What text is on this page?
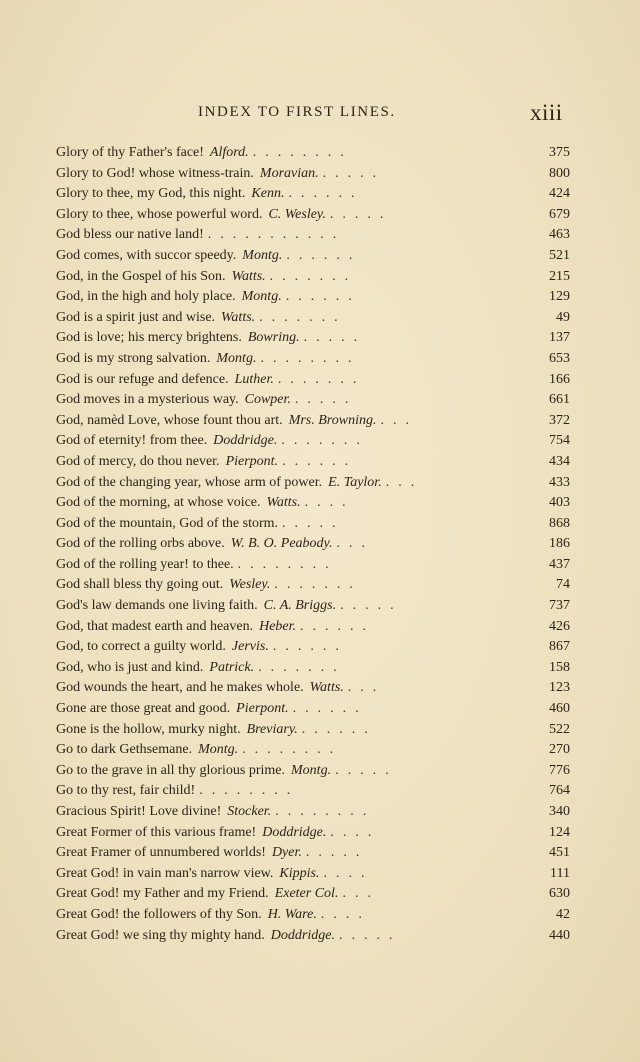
INDEX TO FIRST LINES.	xiii
Glory of thy Father's face! Alford. ........	375
Glory to God! whose witness-train. Moravian. .....	800
Glory to thee, my God, this night. Kenn. ......	424
Glory to thee, whose powerful word. C. Wesley. .....	679
God bless our native land! ...........	463
God comes, with succor speedy. Montg. ......	521
God, in the Gospel of his Son. Watts. .......	215
God, in the high and holy place. Montg. ......	129
God is a spirit just and wise. Watts. .......	49
God is love; his mercy brightens. Bowring. .....	137
God is my strong salvation. Montg. ........	653
God is our refuge and defence. Luther. .......	166
God moves in a mysterious way. Cowper. .....	661
God, namèd Love, whose fount thou art. Mrs. Browning. ...	372
God of eternity! from thee. Doddridge. .......	754
God of mercy, do thou never. Pierpont. ......	434
God of the changing year, whose arm of power. E. Taylor. ...	433
God of the morning, at whose voice. Watts. ....	403
God of the mountain, God of the storm. .....	868
God of the rolling orbs above. W. B. O. Peabody. ...	186
God of the rolling year! to thee. ........	437
God shall bless thy going out. Wesley. .......	74
God's law demands one living faith. C. A. Briggs. .....	737
God, that madest earth and heaven. Heber. ......	426
God, to correct a guilty world. Jervis. ......	867
God, who is just and kind. Patrick. .......	158
God wounds the heart, and he makes whole. Watts. ...	123
Gone are those great and good. Pierpont. ......	460
Gone is the hollow, murky night. Breviary. ......	522
Go to dark Gethsemane. Montg. ........	270
Go to the grave in all thy glorious prime. Montg. .....	776
Go to thy rest, fair child! ........	764
Gracious Spirit! Love divine! Stocker. ........	340
Great Former of this various frame! Doddridge. ....	124
Great Framer of unnumbered worlds! Dyer. .....	451
Great God! in vain man's narrow view. Kippis. ....	111
Great God! my Father and my Friend. Exeter Col. ...	630
Great God! the followers of thy Son. H. Ware. ....	42
Great God! we sing thy mighty hand. Doddridge. .....	440
